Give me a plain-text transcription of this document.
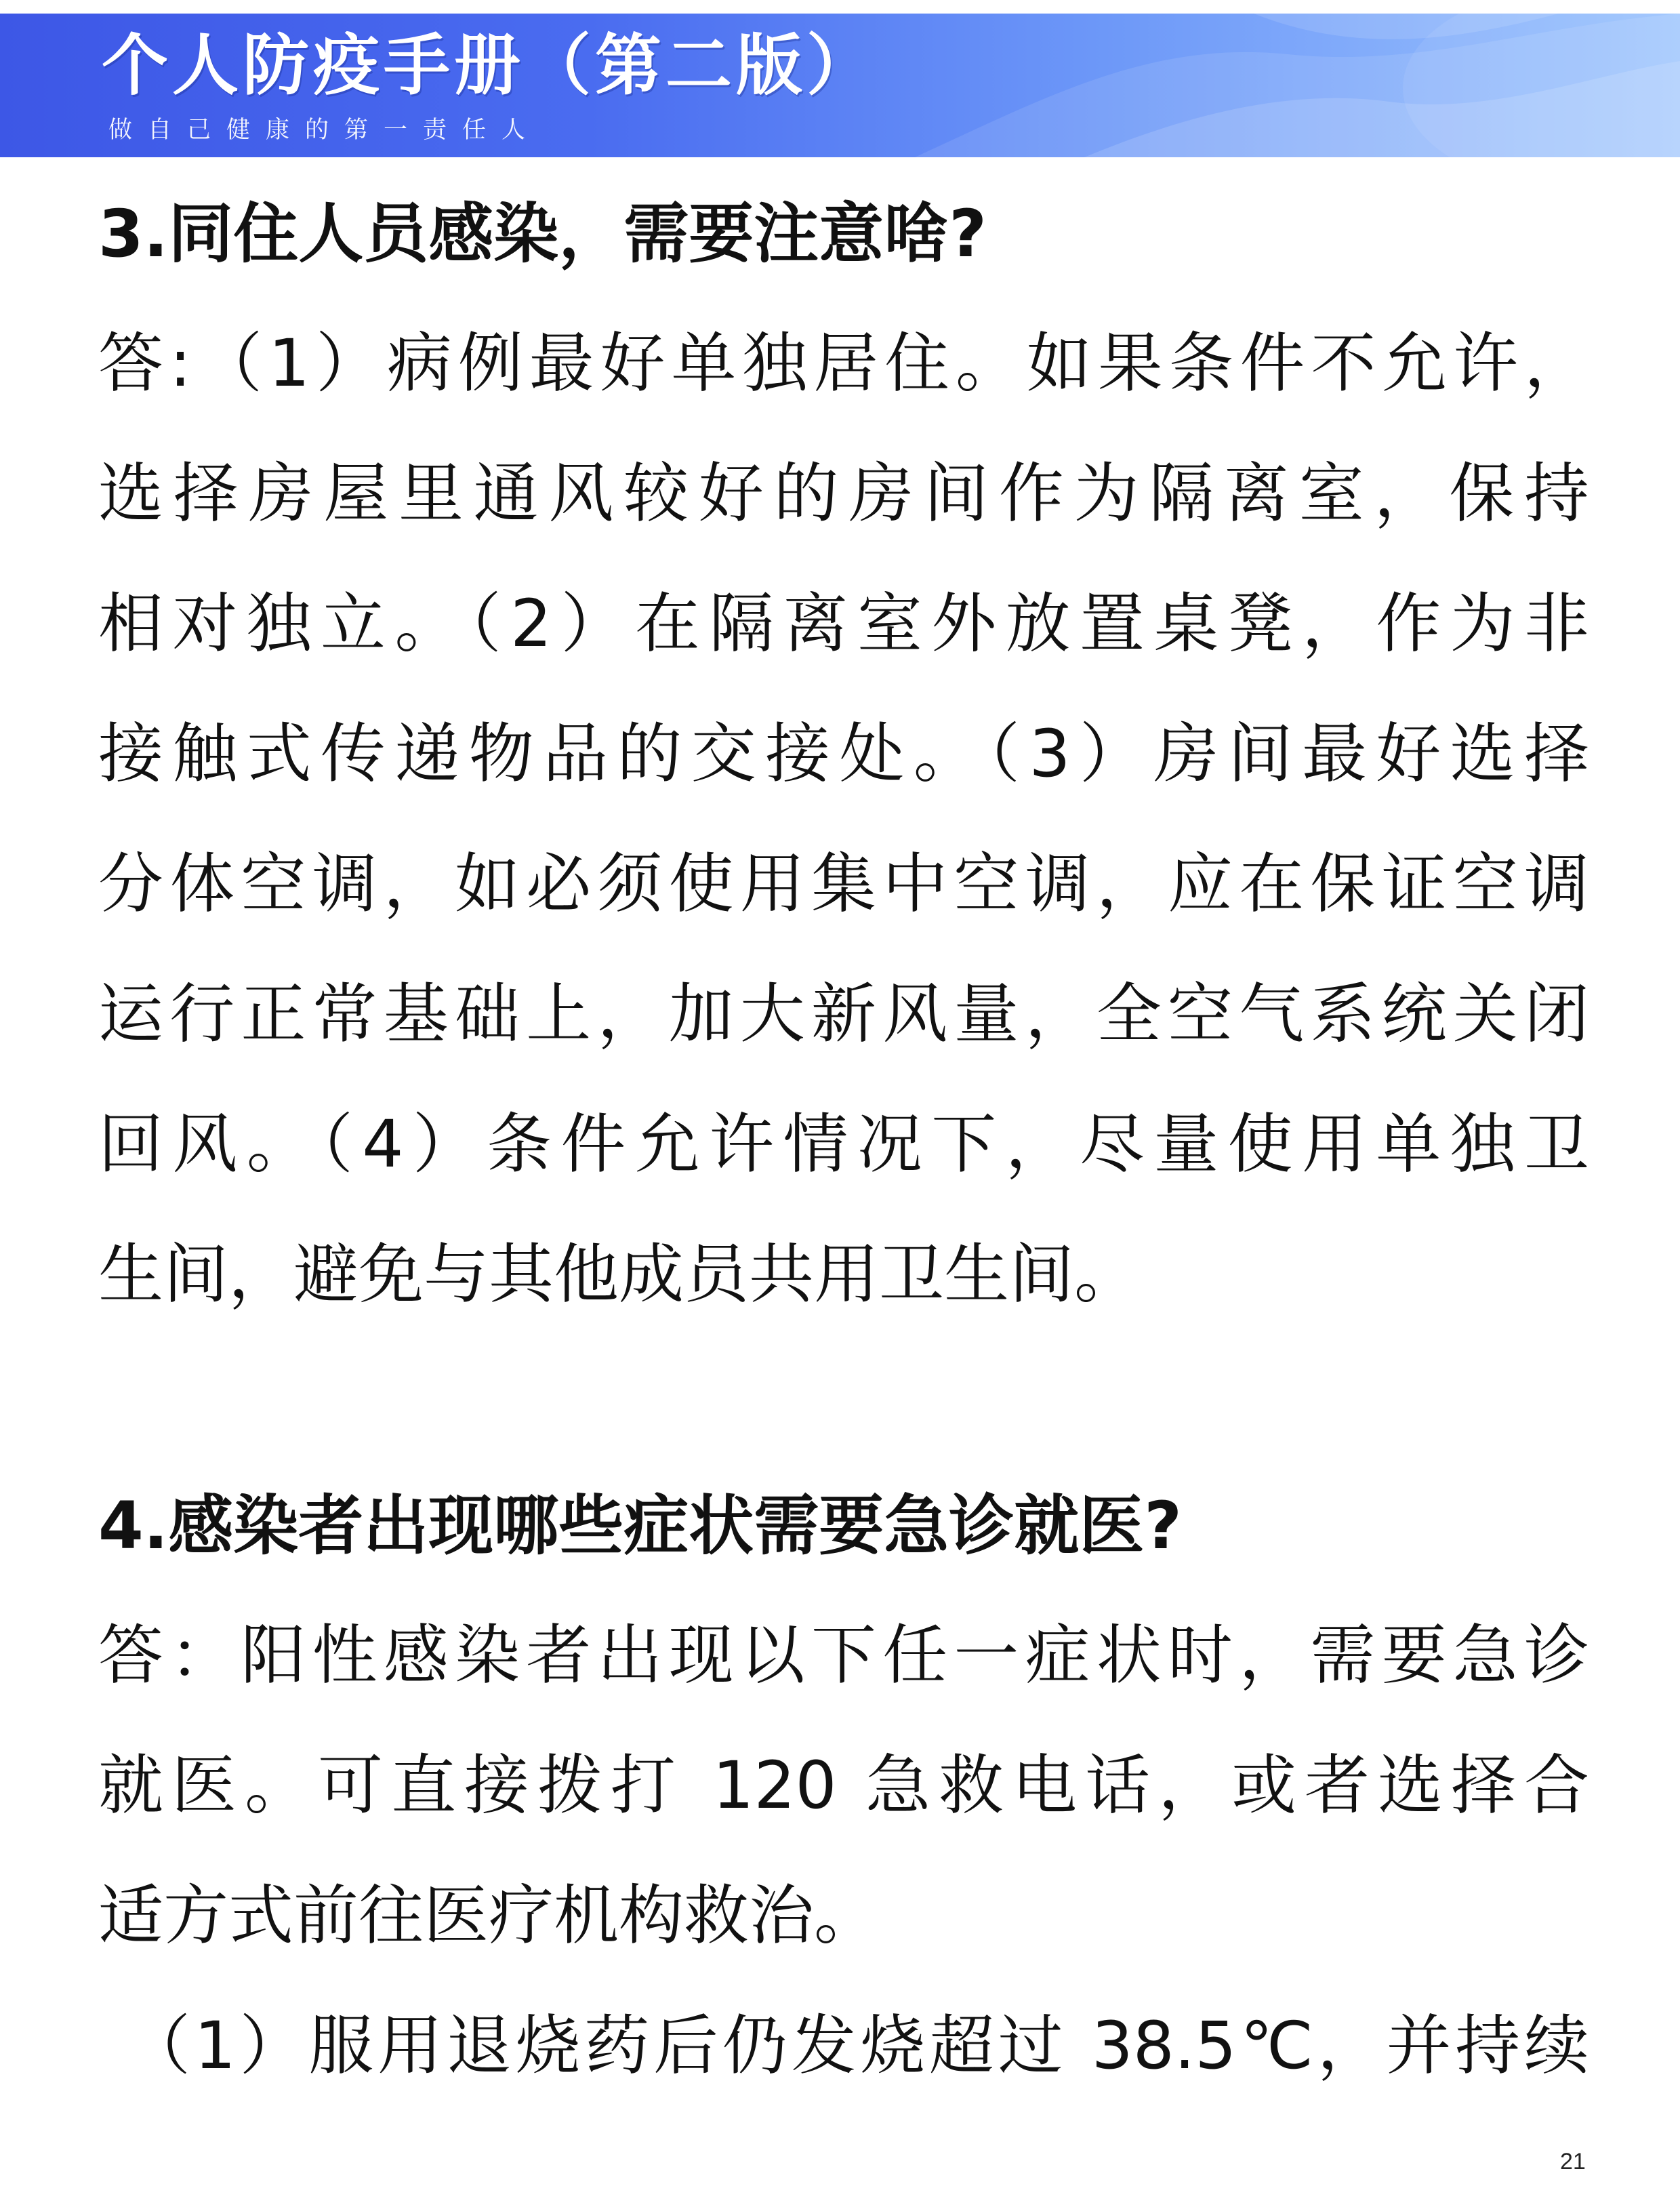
个人防疫手册（第二版）
做自己健康的第一责任人
3.同住人员感染，需要注意啥?
答:（1）病例最好单独居住。如果条件不允许，
选择房屋里通风较好的房间作为隔离室，保持
相对独立。（2）在隔离室外放置桌凳，作为非
接触式传递物品的交接处。（3）房间最好选择
分体空调，如必须使用集中空调，应在保证空调
运行正常基础上，加大新风量，全空气系统关闭
回风。（4）条件允许情况下，尽量使用单独卫
生间，避免与其他成员共用卫生间。
4.感染者出现哪些症状需要急诊就医?
答：阳性感染者出现以下任一症状时，需要急诊
就医。可直接拨打 120 急救电话，或者选择合
适方式前往医疗机构救治。
（1）服用退烧药后仍发烧超过 38.5℃，并持续
21
